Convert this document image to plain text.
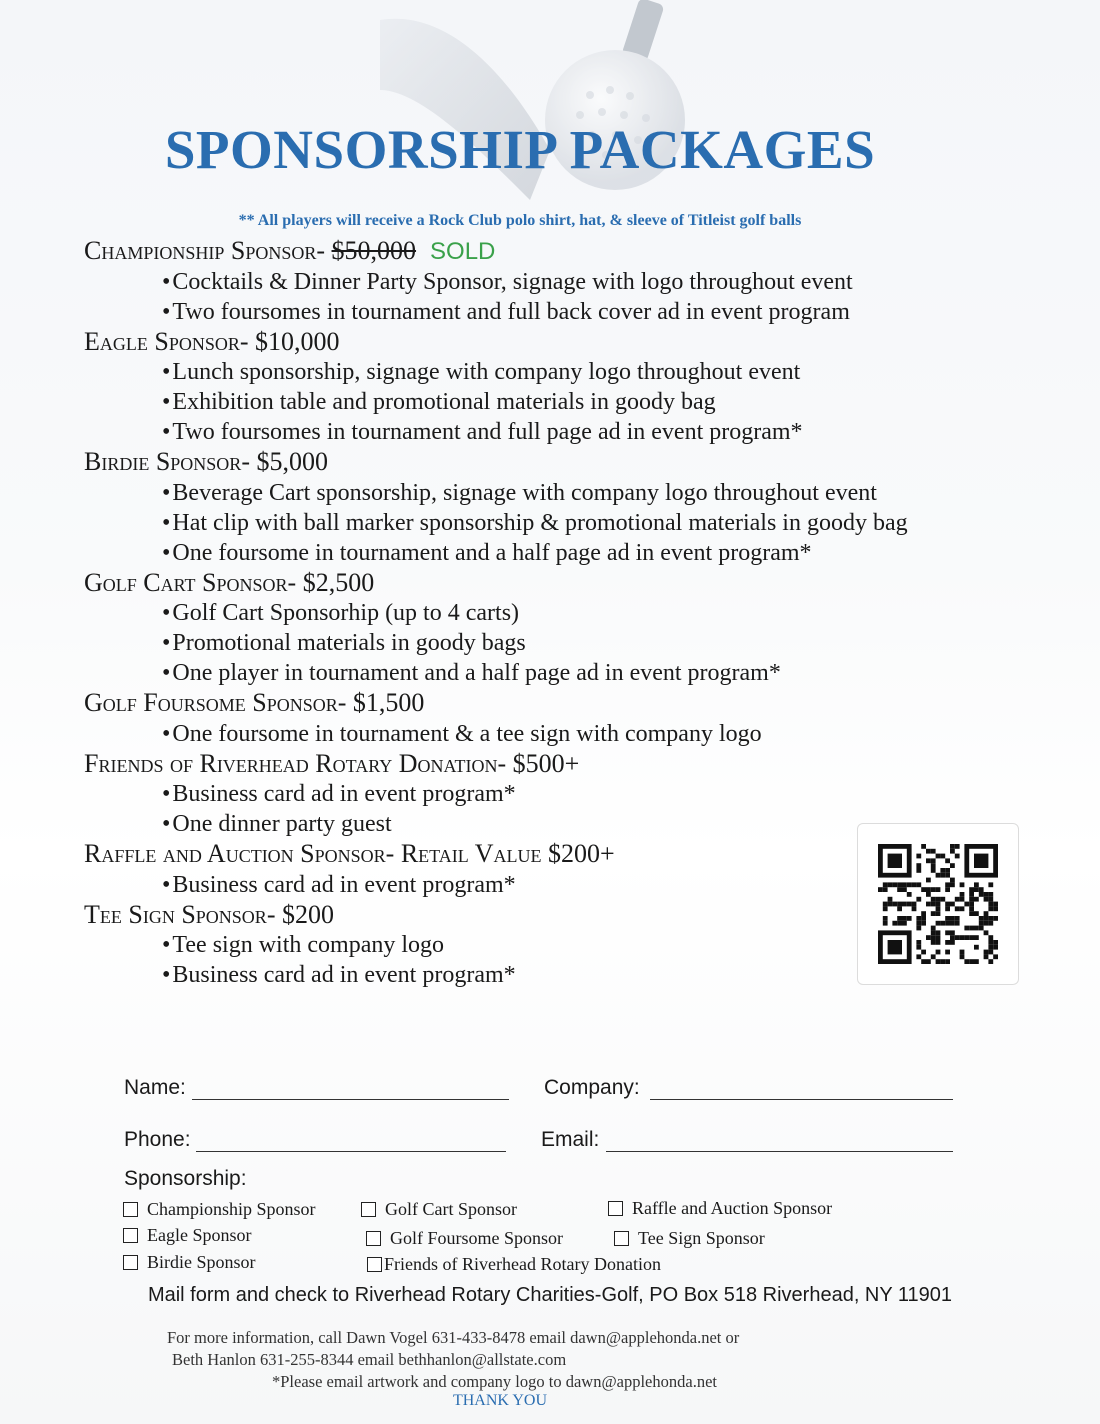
SPONSORSHIP PACKAGES
** All players will receive a Rock Club polo shirt, hat, & sleeve of Titleist golf balls
Championship Sponsor- $50,000 SOLD
•Cocktails & Dinner Party Sponsor, signage with logo throughout event
•Two foursomes in tournament and full back cover ad in event program
Eagle Sponsor- $10,000
•Lunch sponsorship, signage with company logo throughout event
•Exhibition table and promotional materials in goody bag
•Two foursomes in tournament and full page ad in event program*
Birdie Sponsor- $5,000
•Beverage Cart sponsorship, signage with company logo throughout event
•Hat clip with ball marker sponsorship & promotional materials in goody bag
•One foursome in tournament and a half page ad in event program*
Golf Cart Sponsor- $2,500
•Golf Cart Sponsorhip (up to 4 carts)
•Promotional materials in goody bags
•One player in tournament and a half page ad in event program*
Golf Foursome Sponsor- $1,500
•One foursome in tournament & a tee sign with company logo
Friends of Riverhead Rotary Donation- $500+
•Business card ad in event program*
•One dinner party guest
Raffle and Auction Sponsor- Retail Value $200+
•Business card ad in event program*
Tee Sign Sponsor- $200
•Tee sign with company logo
•Business card ad in event program*
Name:	Company:
Phone:	Email:
Sponsorship:
Championship Sponsor
Eagle Sponsor
Birdie Sponsor
Golf Cart Sponsor
Golf Foursome Sponsor
Friends of Riverhead Rotary Donation
Raffle and Auction Sponsor
Tee Sign Sponsor
Mail form and check to Riverhead Rotary Charities-Golf, PO Box 518 Riverhead, NY 11901
For more information, call Dawn Vogel 631-433-8478 email dawn@applehonda.net or
Beth Hanlon 631-255-8344 email bethhanlon@allstate.com
*Please email artwork and company logo to dawn@applehonda.net
THANK YOU
